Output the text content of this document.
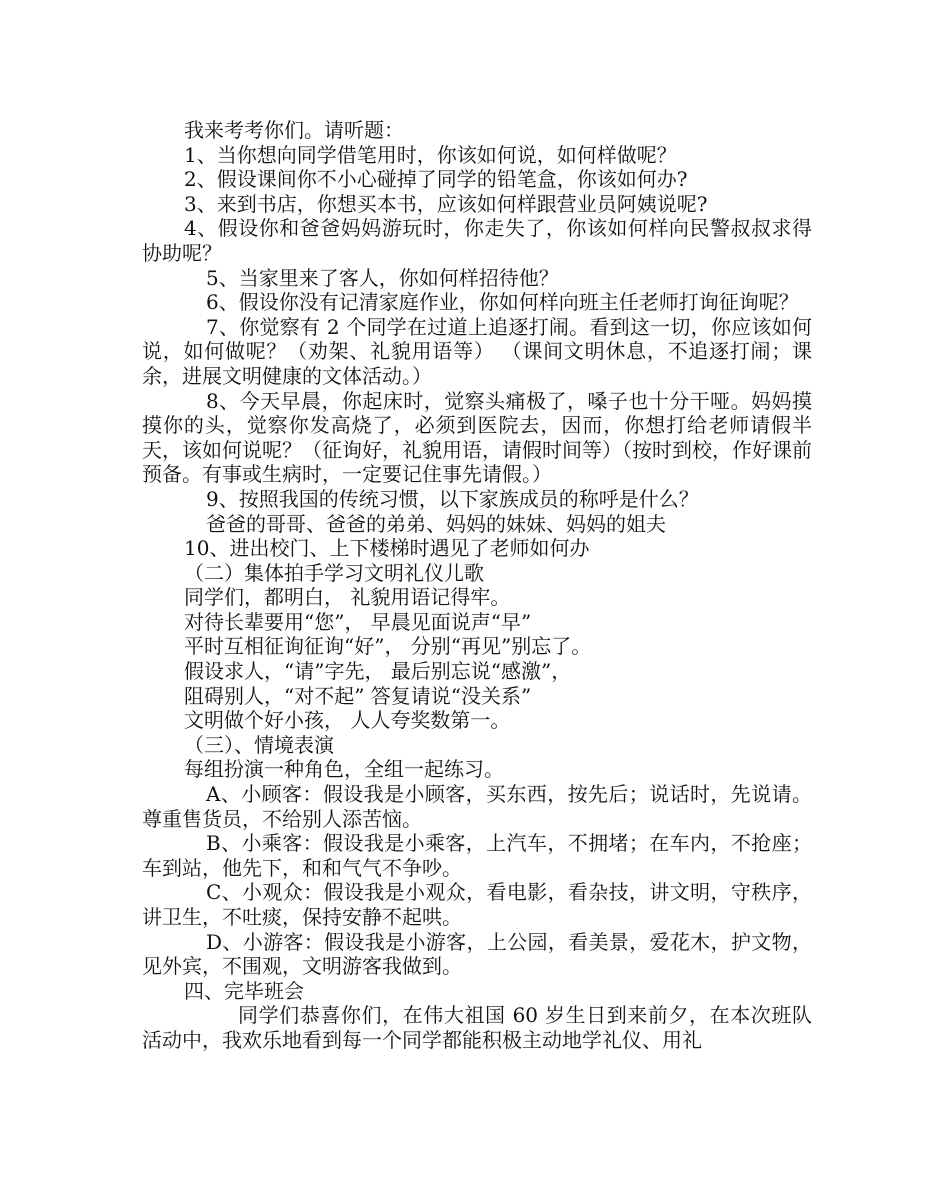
我来考考你们。请听题：

1、当你想向同学借笔用时，你该如何说，如何样做呢？

2、假设课间你不小心碰掉了同学的铅笔盒，你该如何办?

3、来到书店，你想买本书，应该如何样跟营业员阿姨说呢?

4、假设你和爸爸妈妈游玩时，你走失了，你该如何样向民警叔叔求得协助呢？

5、当家里来了客人，你如何样招待他？

6、假设你没有记清家庭作业，你如何样向班主任老师打询征询呢？

7、你觉察有 2 个同学在过道上追逐打闹。看到这一切，你应该如何说，如何做呢？（劝架、礼貌用语等） （课间文明休息，不追逐打闹；课余，进展文明健康的文体活动。）

8、今天早晨，你起床时，觉察头痛极了，嗓子也十分干哑。妈妈摸摸你的头，觉察你发高烧了，必须到医院去，因而，你想打给老师请假半天，该如何说呢？（征询好，礼貌用语，请假时间等）（按时到校，作好课前预备。有事或生病时，一定要记住事先请假。）

9、按照我国的传统习惯，以下家族成员的称呼是什么？

爸爸的哥哥、爸爸的弟弟、妈妈的妹妹、妈妈的姐夫

10、进出校门、上下楼梯时遇见了老师如何办

（二）集体拍手学习文明礼仪儿歌

同学们，都明白， 礼貌用语记得牢。

对待长辈要用“您”， 早晨见面说声“早”

平时互相征询征询“好”， 分别“再见”别忘了。

假设求人，“请”字先， 最后别忘说“感激”，

阻碍别人，“对不起” 答复请说“没关系”

文明做个好小孩， 人人夸奖数第一。

（三）、情境表演

每组扮演一种角色，全组一起练习。

A、小顾客：假设我是小顾客，买东西，按先后；说话时，先说请。尊重售货员，不给别人添苦恼。

B、小乘客：假设我是小乘客，上汽车，不拥堵；在车内，不抢座；车到站，他先下，和和气气不争吵。

C、小观众：假设我是小观众，看电影，看杂技，讲文明，守秩序，讲卫生，不吐痰，保持安静不起哄。

D、小游客：假设我是小游客，上公园，看美景，爱花木，护文物，见外宾，不围观，文明游客我做到。

四、完毕班会

同学们恭喜你们，在伟大祖国 60 岁生日到来前夕，在本次班队活动中，我欢乐地看到每一个同学都能积极主动地学礼仪、用礼
